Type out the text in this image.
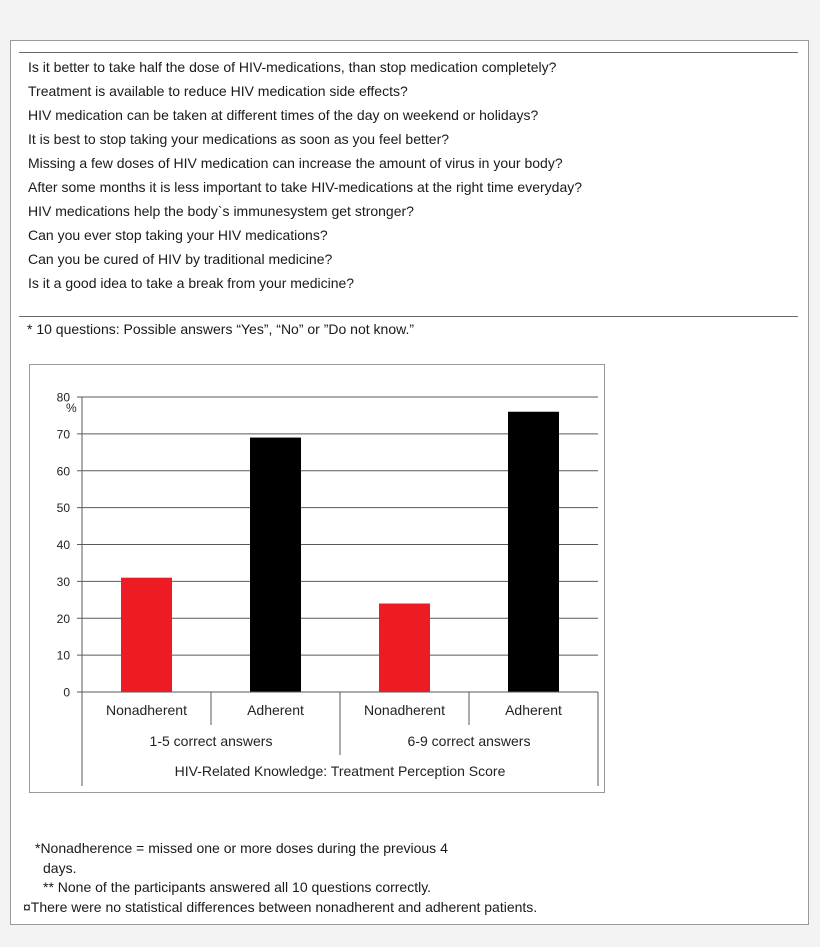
Is it better to take half the dose of HIV-medications, than stop medication completely?
Treatment is available to reduce HIV medication side effects?
HIV medication can be taken at different times of the day on weekend or holidays?
It is best to stop taking your medications as soon as you feel better?
Missing a few doses of HIV medication can increase the amount of virus in your body?
After some months it is less important to take HIV-medications at the right time everyday?
HIV medications help the body`s immunesystem get stronger?
Can you ever stop taking your HIV medications?
Can you be cured of HIV by traditional medicine?
Is it a good idea to take a break from your medicine?
* 10 questions: Possible answers “Yes”, “No” or ”Do not know.”
0
10
20
30
40
50
60
70
80
%
Nonadherent	Adherent	Nonadherent	Adherent
1-5 correct answers	6-9 correct answers
HIV-Related Knowledge: Treatment Perception Score
*Nonadherence = missed one or more doses during the previous 4
days.
** None of the participants answered all 10 questions correctly.
¤There were no statistical differences between nonadherent and adherent patients.
